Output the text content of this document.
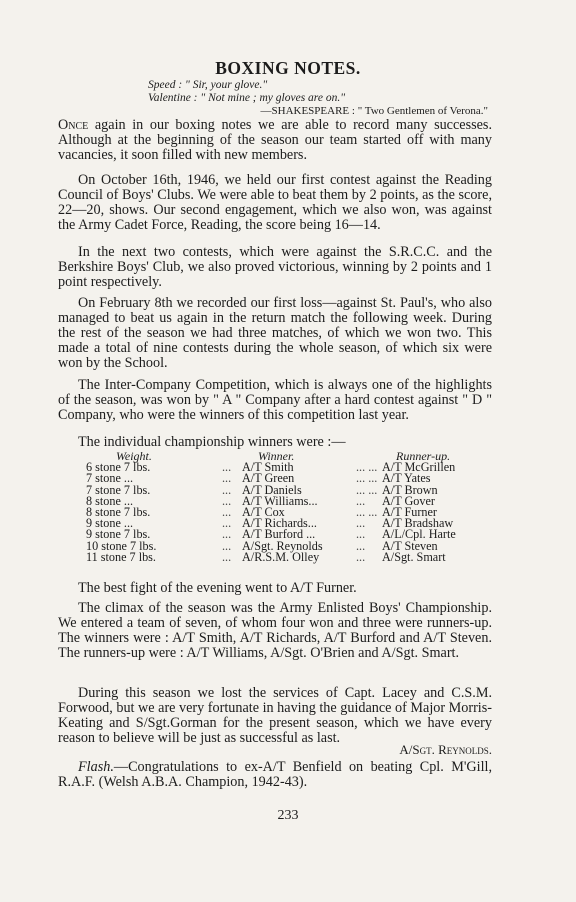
BOXING NOTES.
Speed : " Sir, your glove."
Valentine : " Not mine ; my gloves are on."
—SHAKESPEARE : " Two Gentlemen of Verona."

Once again in our boxing notes we are able to record many successes. Although at the beginning of the season our team started off with many vacancies, it soon filled with new members.

On October 16th, 1946, we held our first contest against the Reading Council of Boys' Clubs. We were able to beat them by 2 points, as the score, 22—20, shows. Our second engagement, which we also won, was against the Army Cadet Force, Reading, the score being 16—14.

In the next two contests, which were against the S.R.C.C. and the Berkshire Boys' Club, we also proved victorious, winning by 2 points and 1 point respectively.

On February 8th we recorded our first loss—against St. Paul's, who also managed to beat us again in the return match the following week. During the rest of the season we had three matches, of which we won two. This made a total of nine contests during the whole season, of which six were won by the School.

The Inter-Company Competition, which is always one of the highlights of the season, was won by " A " Company after a hard contest against " D " Company, who were the winners of this competition last year.

The individual championship winners were :—

Weight.		Winner.		Runner-up.
6 stone 7 lbs.	...	A/T Smith	... ...	A/T McGrillen
7 stone ...	...	A/T Green	... ...	A/T Yates
7 stone 7 lbs.	...	A/T Daniels	... ...	A/T Brown
8 stone ...	...	A/T Williams...	...	A/T Gover
8 stone 7 lbs.	...	A/T Cox	... ...	A/T Furner
9 stone ...	...	A/T Richards...	...	A/T Bradshaw
9 stone 7 lbs.	...	A/T Burford ...	...	A/L/Cpl. Harte
10 stone 7 lbs.	...	A/Sgt. Reynolds	...	A/T Steven
11 stone 7 lbs.	...	A/R.S.M. Olley	...	A/Sgt. Smart

The best fight of the evening went to A/T Furner.

The climax of the season was the Army Enlisted Boys' Championship. We entered a team of seven, of whom four won and three were runners-up. The winners were : A/T Smith, A/T Richards, A/T Burford and A/T Steven. The runners-up were : A/T Williams, A/Sgt. O'Brien and A/Sgt. Smart.

During this season we lost the services of Capt. Lacey and C.S.M. Forwood, but we are very fortunate in having the guidance of Major Morris-Keating and S/Sgt.Gorman for the present season, which we have every reason to believe will be just as successful as last.

A/Sgt. Reynolds.

Flash.—Congratulations to ex-A/T Benfield on beating Cpl. M'Gill, R.A.F. (Welsh A.B.A. Champion, 1942-43).

233
